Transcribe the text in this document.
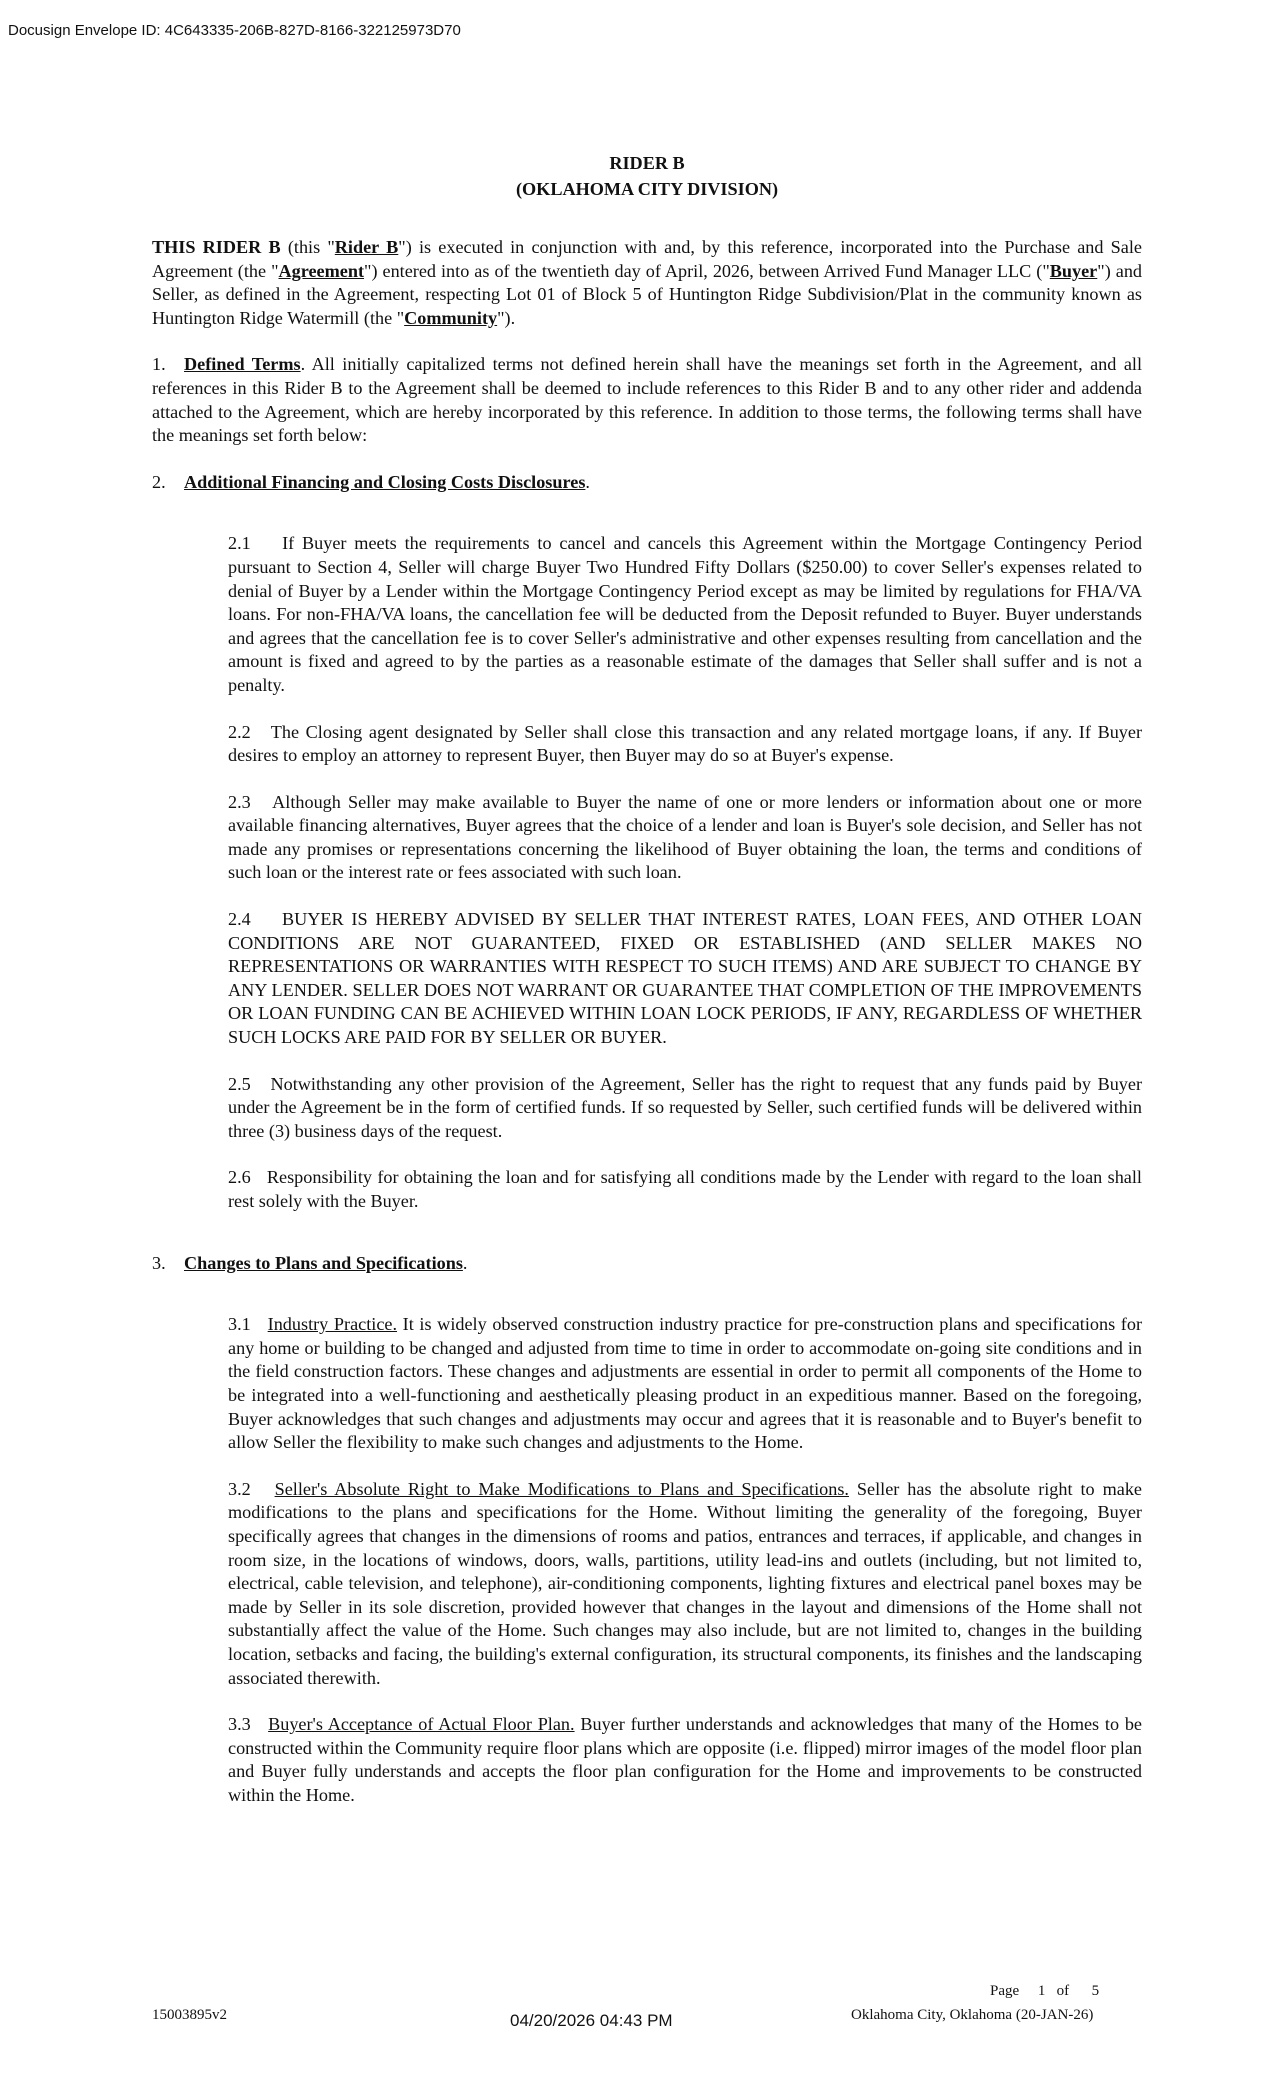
Docusign Envelope ID: 4C643335-206B-827D-8166-322125973D70
RIDER B
(OKLAHOMA CITY DIVISION)

THIS RIDER B (this "Rider B") is executed in conjunction with and, by this reference, incorporated into the Purchase and Sale Agreement (the "Agreement") entered into as of the twentieth day of April, 2026, between Arrived Fund Manager LLC ("Buyer") and Seller, as defined in the Agreement, respecting Lot 01 of Block 5 of Huntington Ridge Subdivision/Plat in the community known as Huntington Ridge Watermill (the "Community").

1. Defined Terms. All initially capitalized terms not defined herein shall have the meanings set forth in the Agreement, and all references in this Rider B to the Agreement shall be deemed to include references to this Rider B and to any other rider and addenda attached to the Agreement, which are hereby incorporated by this reference. In addition to those terms, the following terms shall have the meanings set forth below:

2. Additional Financing and Closing Costs Disclosures.

2.1 If Buyer meets the requirements to cancel and cancels this Agreement within the Mortgage Contingency Period pursuant to Section 4, Seller will charge Buyer Two Hundred Fifty Dollars ($250.00) to cover Seller's expenses related to denial of Buyer by a Lender within the Mortgage Contingency Period except as may be limited by regulations for FHA/VA loans. For non-FHA/VA loans, the cancellation fee will be deducted from the Deposit refunded to Buyer. Buyer understands and agrees that the cancellation fee is to cover Seller's administrative and other expenses resulting from cancellation and the amount is fixed and agreed to by the parties as a reasonable estimate of the damages that Seller shall suffer and is not a penalty.

2.2 The Closing agent designated by Seller shall close this transaction and any related mortgage loans, if any. If Buyer desires to employ an attorney to represent Buyer, then Buyer may do so at Buyer's expense.

2.3 Although Seller may make available to Buyer the name of one or more lenders or information about one or more available financing alternatives, Buyer agrees that the choice of a lender and loan is Buyer's sole decision, and Seller has not made any promises or representations concerning the likelihood of Buyer obtaining the loan, the terms and conditions of such loan or the interest rate or fees associated with such loan.

2.4 BUYER IS HEREBY ADVISED BY SELLER THAT INTEREST RATES, LOAN FEES, AND OTHER LOAN CONDITIONS ARE NOT GUARANTEED, FIXED OR ESTABLISHED (AND SELLER MAKES NO REPRESENTATIONS OR WARRANTIES WITH RESPECT TO SUCH ITEMS) AND ARE SUBJECT TO CHANGE BY ANY LENDER. SELLER DOES NOT WARRANT OR GUARANTEE THAT COMPLETION OF THE IMPROVEMENTS OR LOAN FUNDING CAN BE ACHIEVED WITHIN LOAN LOCK PERIODS, IF ANY, REGARDLESS OF WHETHER SUCH LOCKS ARE PAID FOR BY SELLER OR BUYER.

2.5 Notwithstanding any other provision of the Agreement, Seller has the right to request that any funds paid by Buyer under the Agreement be in the form of certified funds. If so requested by Seller, such certified funds will be delivered within three (3) business days of the request.

2.6 Responsibility for obtaining the loan and for satisfying all conditions made by the Lender with regard to the loan shall rest solely with the Buyer.

3. Changes to Plans and Specifications.

3.1 Industry Practice. It is widely observed construction industry practice for pre-construction plans and specifications for any home or building to be changed and adjusted from time to time in order to accommodate on-going site conditions and in the field construction factors. These changes and adjustments are essential in order to permit all components of the Home to be integrated into a well-functioning and aesthetically pleasing product in an expeditious manner. Based on the foregoing, Buyer acknowledges that such changes and adjustments may occur and agrees that it is reasonable and to Buyer's benefit to allow Seller the flexibility to make such changes and adjustments to the Home.

3.2 Seller's Absolute Right to Make Modifications to Plans and Specifications. Seller has the absolute right to make modifications to the plans and specifications for the Home. Without limiting the generality of the foregoing, Buyer specifically agrees that changes in the dimensions of rooms and patios, entrances and terraces, if applicable, and changes in room size, in the locations of windows, doors, walls, partitions, utility lead-ins and outlets (including, but not limited to, electrical, cable television, and telephone), air-conditioning components, lighting fixtures and electrical panel boxes may be made by Seller in its sole discretion, provided however that changes in the layout and dimensions of the Home shall not substantially affect the value of the Home. Such changes may also include, but are not limited to, changes in the building location, setbacks and facing, the building's external configuration, its structural components, its finishes and the landscaping associated therewith.

3.3 Buyer's Acceptance of Actual Floor Plan. Buyer further understands and acknowledges that many of the Homes to be constructed within the Community require floor plans which are opposite (i.e. flipped) mirror images of the model floor plan and Buyer fully understands and accepts the floor plan configuration for the Home and improvements to be constructed within the Home.

Page 1 of 5
15003895v2	04/20/2026 04:43 PM	Oklahoma City, Oklahoma (20-JAN-26)
